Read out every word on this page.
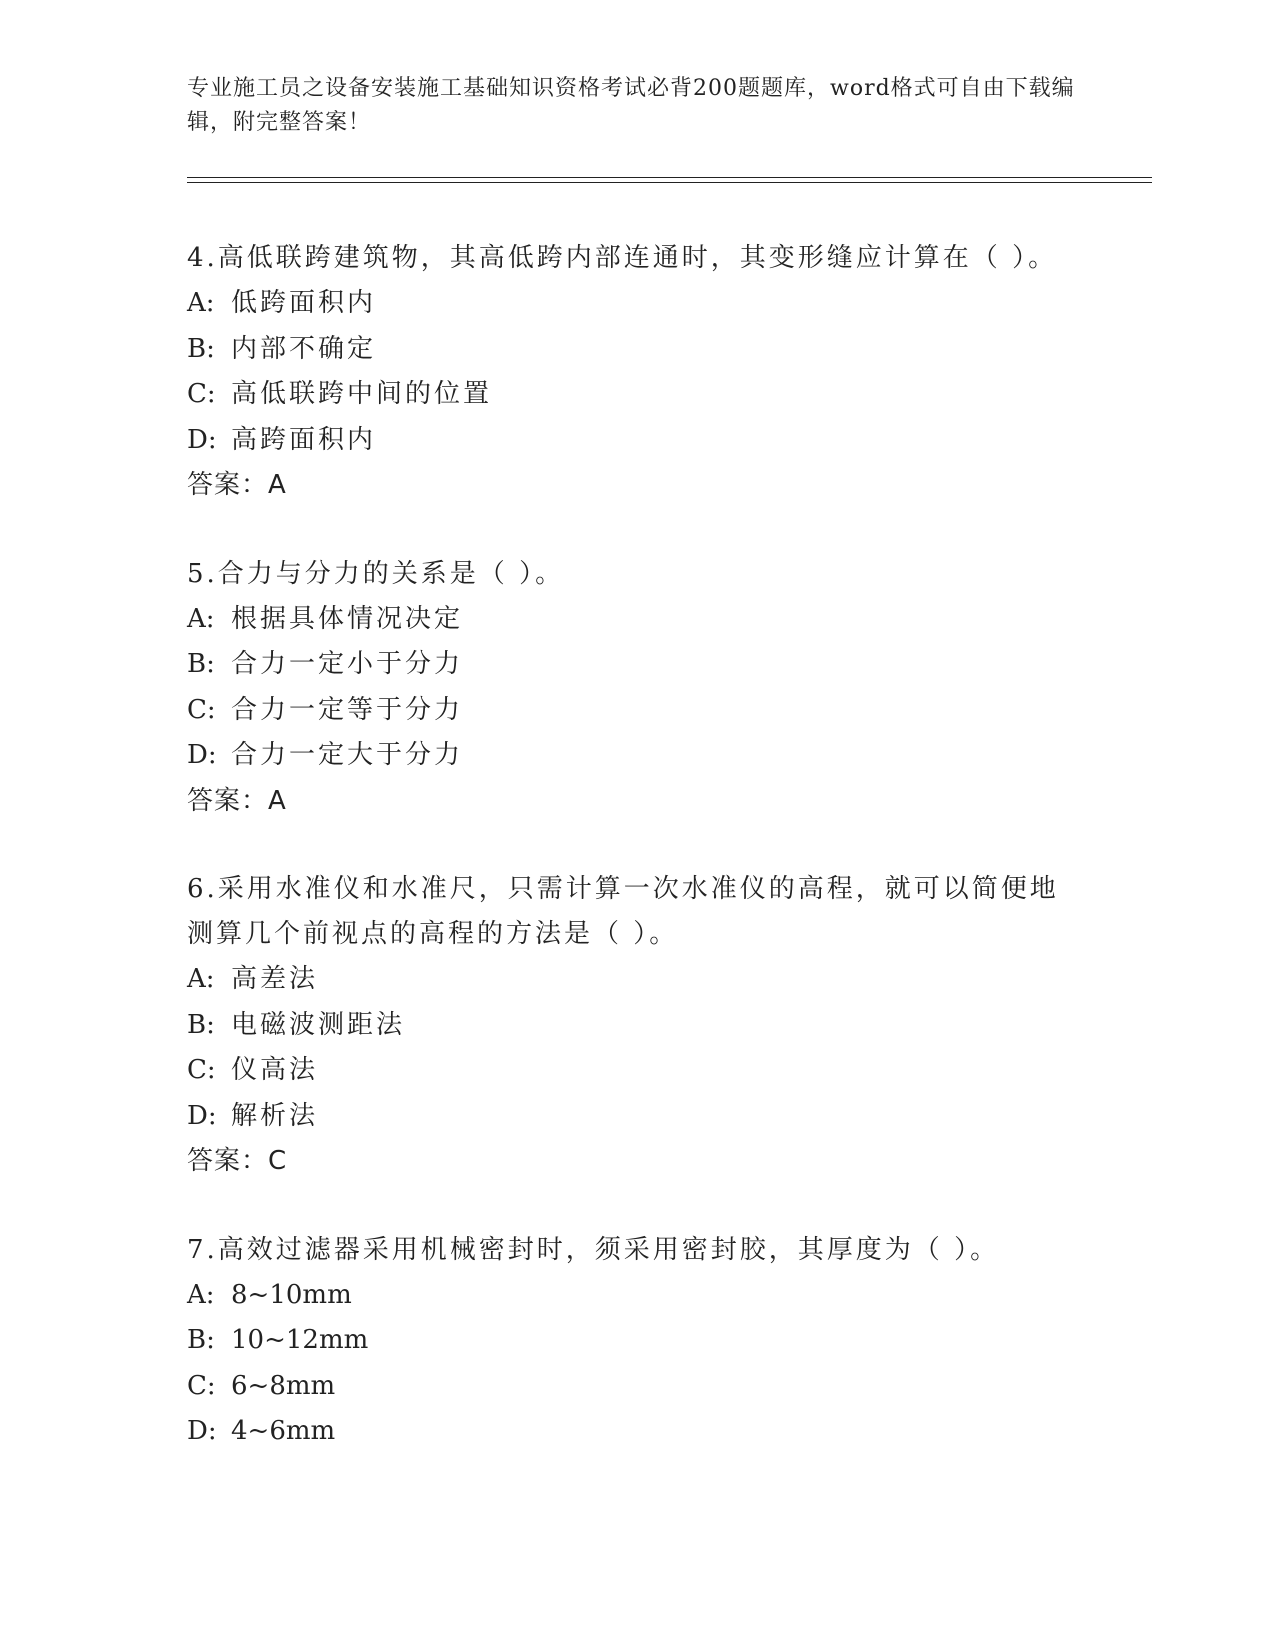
专业施工员之设备安装施工基础知识资格考试必背200题题库，word格式可自由下载编辑，附完整答案！

4.高低联跨建筑物，其高低跨内部连通时，其变形缝应计算在（ ）。

A: 低跨面积内

B: 内部不确定

C: 高低联跨中间的位置

D: 高跨面积内

答案：A

5.合力与分力的关系是（ ）。

A: 根据具体情况决定

B: 合力一定小于分力

C: 合力一定等于分力

D: 合力一定大于分力

答案：A

6.采用水准仪和水准尺，只需计算一次水准仪的高程，就可以简便地测算几个前视点的高程的方法是（ ）。

A: 高差法

B: 电磁波测距法

C: 仪高法

D: 解析法

答案：C

7.高效过滤器采用机械密封时，须采用密封胶，其厚度为（ ）。

A: 8~10mm

B: 10~12mm

C: 6~8mm

D: 4~6mm
